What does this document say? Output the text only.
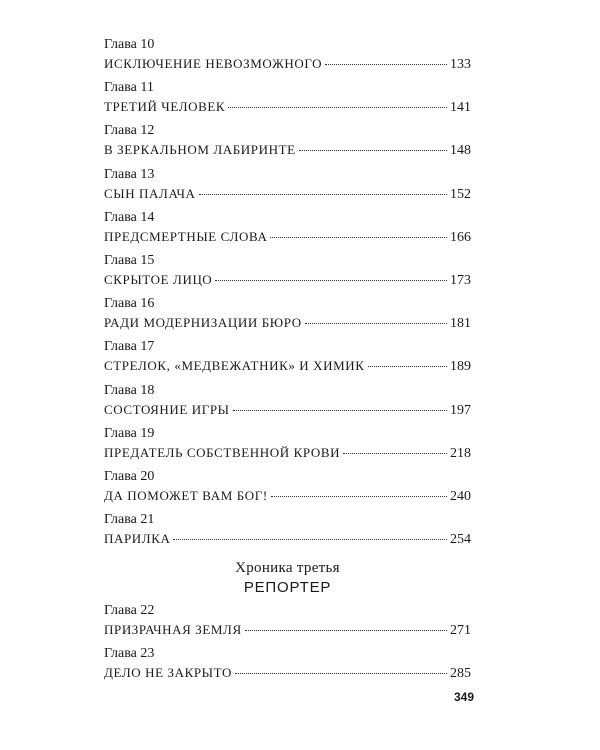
Глава 10
ИСКЛЮЧЕНИЕ НЕВОЗМОЖНОГО	133
Глава 11
ТРЕТИЙ ЧЕЛОВЕК	141
Глава 12
В ЗЕРКАЛЬНОМ ЛАБИРИНТЕ	148
Глава 13
СЫН ПАЛАЧА	152
Глава 14
ПРЕДСМЕРТНЫЕ СЛОВА	166
Глава 15
СКРЫТОЕ ЛИЦО	173
Глава 16
РАДИ МОДЕРНИЗАЦИИ БЮРО	181
Глава 17
СТРЕЛОК, «МЕДВЕЖАТНИК» И ХИМИК	189
Глава 18
СОСТОЯНИЕ ИГРЫ	197
Глава 19
ПРЕДАТЕЛЬ СОБСТВЕННОЙ КРОВИ	218
Глава 20
ДА ПОМОЖЕТ ВАМ БОГ!	240
Глава 21
ПАРИЛКА	254
Хроника третья
РЕПОРТЕР
Глава 22
ПРИЗРАЧНАЯ ЗЕМЛЯ	271
Глава 23
ДЕЛО НЕ ЗАКРЫТО	285
349
